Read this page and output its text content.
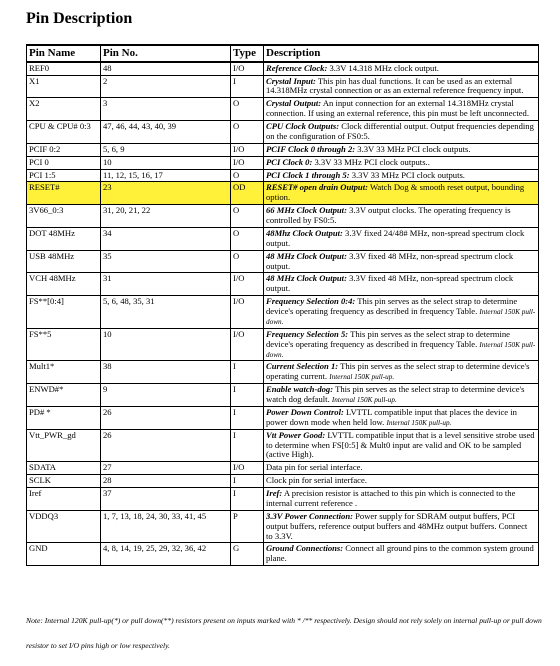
Pin Description
Pin Name	Pin No.	Type	Description
REF0	48	I/O	Reference Clock: 3.3V 14.318 MHz clock output.
X1	2	I	Crystal Input: This pin has dual functions. It can be used as an external 14.318MHz crystal connection or as an external reference frequency input.
X2	3	O	Crystal Output: An input connection for an external 14.318MHz crystal connection. If using an external reference, this pin must be left unconnected.
CPU & CPU# 0:3	47, 46, 44, 43, 40, 39	O	CPU Clock Outputs: Clock differential output. Output frequencies depending on the configuration of FS0:5.
PCIF 0:2	5, 6, 9	I/O	PCIF Clock 0 through 2: 3.3V 33 MHz PCI clock outputs.
PCI 0	10	I/O	PCI Clock 0: 3.3V 33 MHz PCI clock outputs..
PCI 1:5	11, 12, 15, 16, 17	O	PCI Clock 1 through 5: 3.3V 33 MHz PCI clock outputs.
RESET#	23	OD	RESET# open drain Output: Watch Dog & smooth reset output, bounding option.
3V66_0:3	31, 20, 21, 22	O	66 MHz Clock Output: 3.3V output clocks. The operating frequency is controlled by FS0:5.
DOT 48MHz	34	O	48Mhz Clock Output: 3.3V fixed 24/48# MHz, non-spread spectrum clock output.
USB 48MHz	35	O	48 MHz Clock Output: 3.3V fixed 48 MHz, non-spread spectrum clock output.
VCH 48MHz	31	I/O	48 MHz Clock Output: 3.3V fixed 48 MHz, non-spread spectrum clock output.
FS**[0:4]	5, 6, 48, 35, 31	I/O	Frequency Selection 0:4: This pin serves as the select strap to determine device's operating frequency as described in frequency Table. Internal 150K pull-down.
FS**5	10	I/O	Frequency Selection 5: This pin serves as the select strap to determine device's operating frequency as described in frequency Table. Internal 150K pull-down.
Mult1*	38	I	Current Selection 1: This pin serves as the select strap to determine device's operating current. Internal 150K pull-up.
ENWD#*	9	I	Enable watch-dog: This pin serves as the select strap to determine device's watch dog default. Internal 150K pull-up.
PD# *	26	I	Power Down Control: LVTTL compatible input that places the device in power down mode when held low. Internal 150K pull-up.
Vtt_PWR_gd	26	I	Vtt Power Good: LVTTL compatible input that is a level sensitive strobe used to determine when FS[0:5] & Mult0 input are valid and OK to be sampled (active High).
SDATA	27	I/O	Data pin for serial interface.
SCLK	28	I	Clock pin for serial interface.
Iref	37	I	Iref: A precision resistor is attached to this pin which is connected to the internal current reference .
VDDQ3	1, 7, 13, 18, 24, 30, 33, 41, 45	P	3.3V Power Connection: Power supply for SDRAM output buffers, PCI output buffers, reference output buffers and 48MHz output buffers. Connect to 3.3V.
GND	4, 8, 14, 19, 25, 29, 32, 36, 42	G	Ground Connections: Connect all ground pins to the common system ground plane.

Note: Internal 120K pull-up(*) or pull down(**) resistors present on inputs marked with * /** respectively. Design should not rely solely on internal pull-up or pull down resistor to set I/O pins high or low respectively.
